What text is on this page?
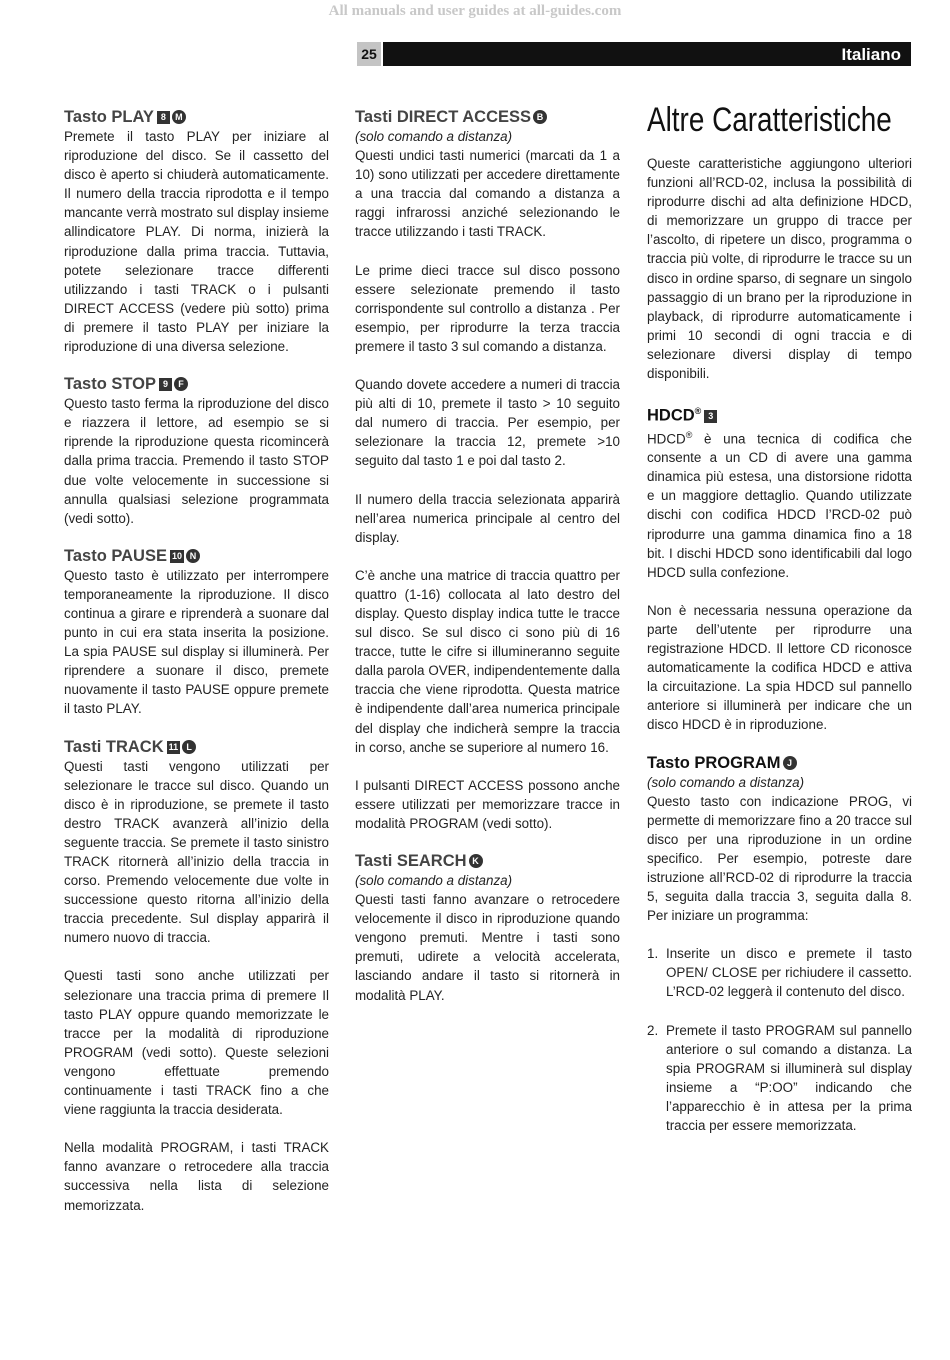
All manuals and user guides at all-guides.com
25	Italiano
Tasto PLAY 8 M

Premete il tasto PLAY per iniziare al riproduzione del disco. Se il cassetto del disco è aperto si chiuderà automaticamente. Il numero della traccia riprodotta e il tempo mancante verrà mostrato sul display insieme allindicatore PLAY. Di norma, inizierà la riproduzione dalla prima traccia. Tuttavia, potete selezionare tracce differenti utilizzando i tasti TRACK o i pulsanti DIRECT ACCESS (vedere più sotto) prima di premere il tasto PLAY per iniziare la riproduzione di una diversa selezione.

Tasto STOP 9 F

Questo tasto ferma la riproduzione del disco e riazzera il lettore, ad esempio se si riprende la riproduzione questa ricomincerà dalla prima traccia. Premendo il tasto STOP due volte velocemente in successione si annulla qualsiasi selezione programmata (vedi sotto).

Tasto PAUSE 10 N

Questo tasto è utilizzato per interrompere temporaneamente la riproduzione. Il disco continua a girare e riprenderà a suonare dal punto in cui era stata inserita la posizione. La spia PAUSE sul display si illuminerà. Per riprendere a suonare il disco, premete nuovamente il tasto PAUSE oppure premete il tasto PLAY.

Tasti TRACK 11 L

Questi tasti vengono utilizzati per selezionare le tracce sul disco. Quando un disco è in riproduzione, se premete il tasto destro TRACK avanzerà all’inizio della seguente traccia. Se premete il tasto sinistro TRACK ritornerà all’inizio della traccia in corso. Premendo velocemente due volte in successione questo ritorna all’inizio della traccia precedente. Sul display apparirà il numero nuovo di traccia.

Questi tasti sono anche utilizzati per selezionare una traccia prima di premere Il tasto PLAY oppure quando memorizzate le tracce per la modalità di riproduzione PROGRAM (vedi sotto). Queste selezioni vengono effettuate premendo continuamente i tasti TRACK fino a che viene raggiunta la traccia desiderata.

Nella modalità PROGRAM, i tasti TRACK fanno avanzare o retrocedere alla traccia successiva nella lista di selezione memorizzata.

Tasti DIRECT ACCESS B
(solo comando a distanza)

Questi undici tasti numerici (marcati da 1 a 10) sono utilizzati per accedere direttamente a una traccia dal comando a distanza a raggi infrarossi anziché selezionando le tracce utilizzando i tasti TRACK.

Le prime dieci tracce sul disco possono essere selezionate premendo il tasto corrispondente sul controllo a distanza . Per esempio, per riprodurre la terza traccia premere il tasto 3 sul comando a distanza.

Quando dovete accedere a numeri di traccia più alti di 10, premete il tasto > 10 seguito dal numero di traccia. Per esempio, per selezionare la traccia 12, premete >10 seguito dal tasto 1 e poi dal tasto 2.

Il numero della traccia selezionata apparirà nell’area numerica principale al centro del display.

C’è anche una matrice di traccia quattro per quattro (1-16) collocata al lato destro del display. Questo display indica tutte le tracce sul disco. Se sul disco ci sono più di 16 tracce, tutte le cifre si illumineranno seguite dalla parola OVER, indipendentemente dalla traccia che viene riprodotta. Questa matrice è indipendente dall’area numerica principale del display che indicherà sempre la traccia in corso, anche se superiore al numero 16.

I pulsanti DIRECT ACCESS possono anche essere utilizzati per memorizzare tracce in modalità PROGRAM (vedi sotto).

Tasti SEARCH K
(solo comando a distanza)

Questi tasti fanno avanzare o retrocedere velocemente il disco in riproduzione quando vengono premuti. Mentre i tasti sono premuti, udirete a velocità accelerata, lasciando andare il tasto si ritornerà in modalità PLAY.

Altre Caratteristiche

Queste caratteristiche aggiungono ulteriori funzioni all’RCD-02, inclusa la possibilità di riprodurre dischi ad alta definizione HDCD, di memorizzare un gruppo di tracce per l’ascolto, di ripetere un disco, programma o traccia più volte, di riprodurre le tracce su un disco in ordine sparso, di segnare un singolo passaggio di un brano per la riproduzione in playback, di riprodurre automaticamente i primi 10 secondi di ogni traccia e di selezionare diversi display di tempo disponibili.

HDCD® 3

HDCD® è una tecnica di codifica che consente a un CD di avere una gamma dinamica più estesa, una distorsione ridotta e un maggiore dettaglio. Quando utilizzate dischi con codifica HDCD l’RCD-02 può riprodurre una gamma dinamica fino a 18 bit. I dischi HDCD sono identificabili dal logo HDCD sulla confezione.

Non è necessaria nessuna operazione da parte dell’utente per riprodurre una registrazione HDCD. Il lettore CD riconosce automaticamente la codifica HDCD e attiva la circuitazione. La spia HDCD sul pannello anteriore si illuminerà per indicare che un disco HDCD è in riproduzione.

Tasto PROGRAM J
(solo comando a distanza)

Questo tasto con indicazione PROG, vi permette di memorizzare fino a 20 tracce sul disco per una riproduzione in un ordine specifico. Per esempio, potreste dare istruzione all’RCD-02 di riprodurre la traccia 5, seguita dalla traccia 3, seguita dalla 8. Per iniziare un programma:

1. Inserite un disco e premete il tasto OPEN/ CLOSE per richiudere il cassetto. L’RCD-02 leggerà il contenuto del disco.
2. Premete il tasto PROGRAM sul pannello anteriore o sul comando a distanza. La spia PROGRAM si illuminerà sul display insieme a “P:OO” indicando che l’apparecchio è in attesa per la prima traccia per essere memorizzata.
